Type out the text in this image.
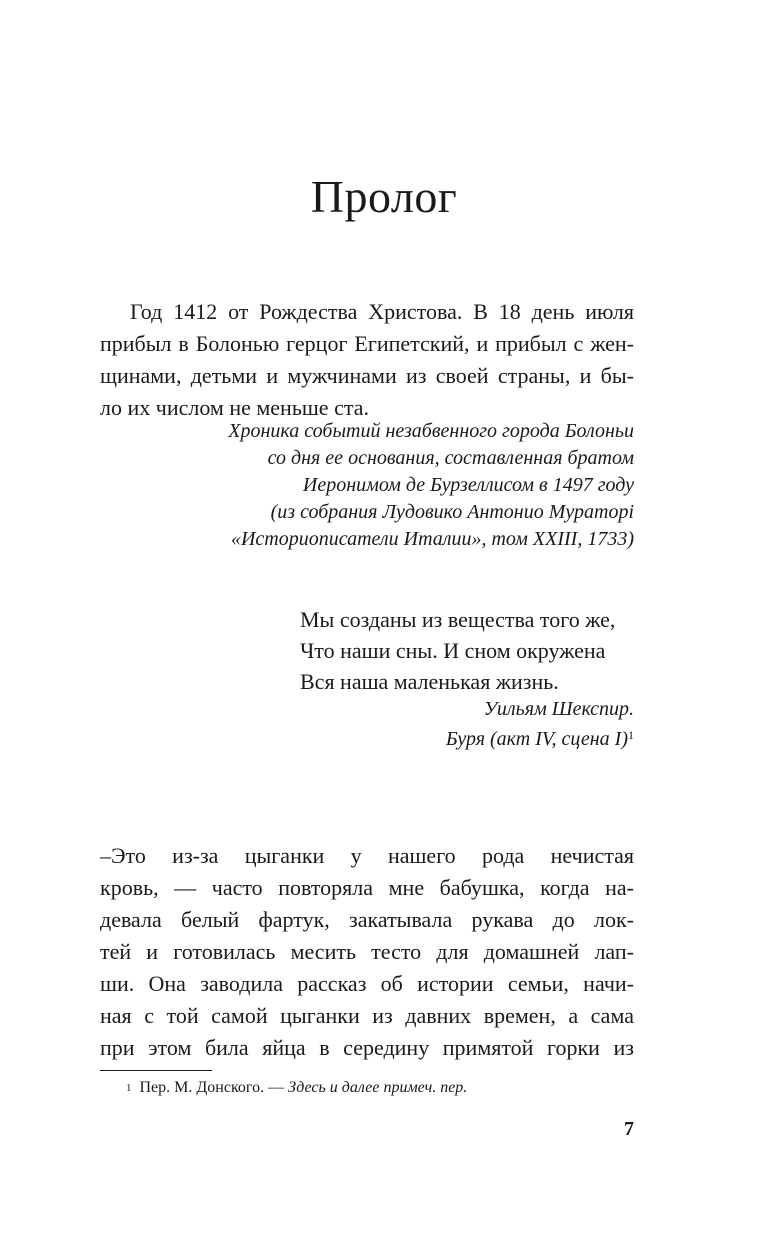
Пролог
Год 1412 от Рождества Христова. В 18 день июля
прибыл в Болонью герцог Египетский, и прибыл с жен-
щинами, детьми и мужчинами из своей страны, и бы-
ло их числом не меньше ста.
Хроника событий незабвенного города Болоньи
со дня ее основания, составленная братом
Иеронимом де Бурзеллисом в 1497 году
(из собрания Лудовико Антонио Мураторі
«Историописатели Италии», том XXIII, 1733)
Мы созданы из вещества того же,
Что наши сны. И сном окружена
Вся наша маленькая жизнь.
Уильям Шекспир.
Буря (акт IV, сцена I)$^1$
–Это из-за цыганки у нашего рода нечистая
кровь, — часто повторяла мне бабушка, когда на-
девала белый фартук, закатывала рукава до лок-
тей и готовилась месить тесто для домашней лап-
ши. Она заводила рассказ об истории семьи, начи-
ная с той самой цыганки из давних времен, а сама
при этом била яйца в середину примятой горки из
$^1$ Пер. М. Донского. — Здесь и далее примеч. пер.
7
